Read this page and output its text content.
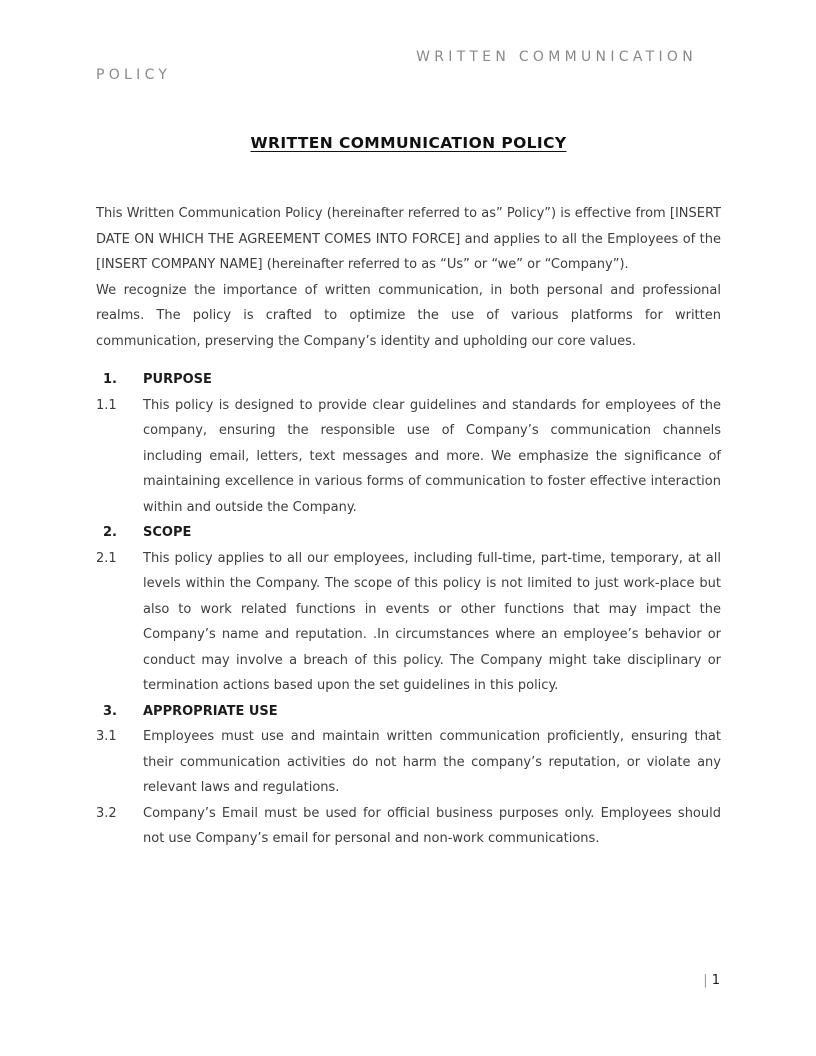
WRITTEN COMMUNICATION
POLICY
WRITTEN COMMUNICATION POLICY
This Written Communication Policy (hereinafter referred to as” Policy”) is effective from [INSERT DATE ON WHICH THE AGREEMENT COMES INTO FORCE] and applies to all the Employees of the [INSERT COMPANY NAME] (hereinafter referred to as “Us” or “we” or “Company”).
We recognize the importance of written communication, in both personal and professional realms. The policy is crafted to optimize the use of various platforms for written communication, preserving the Company’s identity and upholding our core values.
1.	PURPOSE
1.1	This policy is designed to provide clear guidelines and standards for employees of the company, ensuring the responsible use of Company’s communication channels including email, letters, text messages and more. We emphasize the significance of maintaining excellence in various forms of communication to foster effective interaction within and outside the Company.
2.	SCOPE
2.1	This policy applies to all our employees, including full-time, part-time, temporary, at all levels within the Company. The scope of this policy is not limited to just work-place but also to work related functions in events or other functions that may impact the Company’s name and reputation. .In circumstances where an employee’s behavior or conduct may involve a breach of this policy. The Company might take disciplinary or termination actions based upon the set guidelines in this policy.
3.	APPROPRIATE USE
3.1	Employees must use and maintain written communication proficiently, ensuring that their communication activities do not harm the company’s reputation, or violate any relevant laws and regulations.
3.2	Company’s Email must be used for official business purposes only. Employees should not use Company’s email for personal and non-work communications.
| 1
